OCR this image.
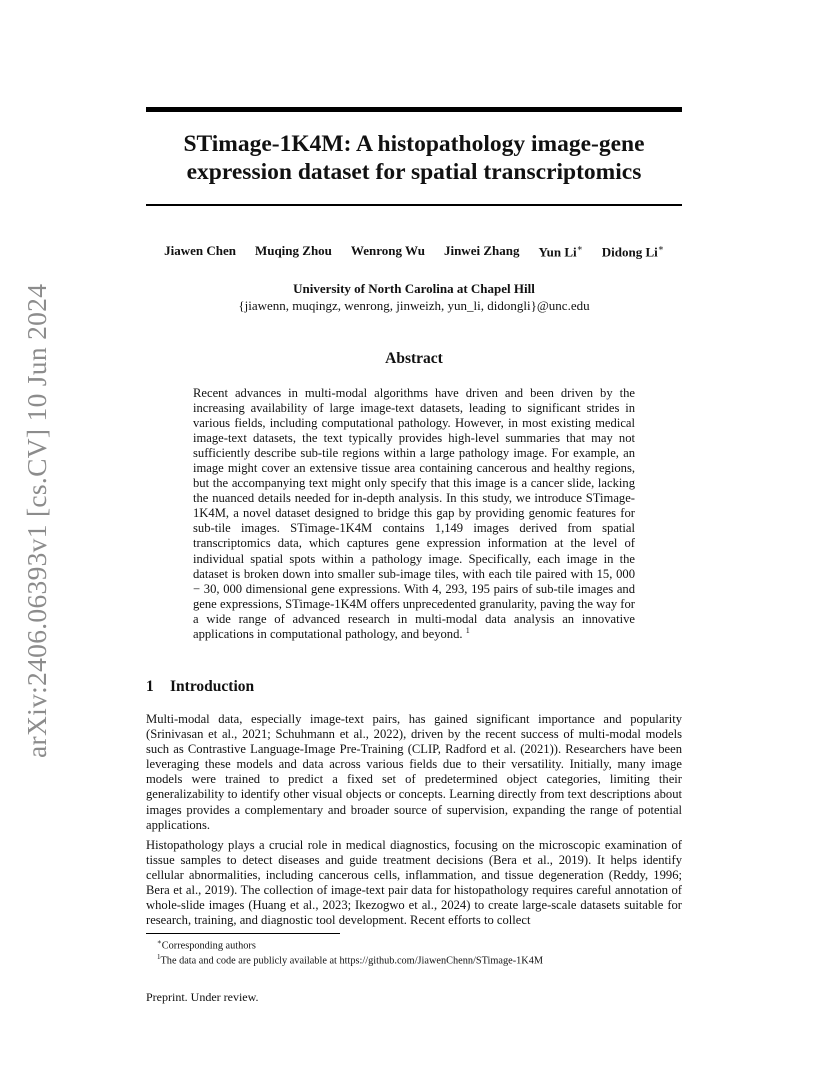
arXiv:2406.06393v1 [cs.CV] 10 Jun 2024
STimage-1K4M: A histopathology image-gene
expression dataset for spatial transcriptomics
Jiawen Chen Muqing Zhou Wenrong Wu Jinwei Zhang Yun Li∗ Didong Li∗
University of North Carolina at Chapel Hill
{jiawenn, muqingz, wenrong, jinweizh, yun_li, didongli}@unc.edu
Abstract

Recent advances in multi-modal algorithms have driven and been driven by the increasing availability of large image-text datasets, leading to significant strides in various fields, including computational pathology. However, in most existing medical image-text datasets, the text typically provides high-level summaries that may not sufficiently describe sub-tile regions within a large pathology image. For example, an image might cover an extensive tissue area containing cancerous and healthy regions, but the accompanying text might only specify that this image is a cancer slide, lacking the nuanced details needed for in-depth analysis. In this study, we introduce STimage-1K4M, a novel dataset designed to bridge this gap by providing genomic features for sub-tile images. STimage-1K4M contains 1,149 images derived from spatial transcriptomics data, which captures gene expression information at the level of individual spatial spots within a pathology image. Specifically, each image in the dataset is broken down into smaller sub-image tiles, with each tile paired with 15, 000 − 30, 000 dimensional gene expressions. With 4, 293, 195 pairs of sub-tile images and gene expressions, STimage-1K4M offers unprecedented granularity, paving the way for a wide range of advanced research in multi-modal data analysis an innovative applications in computational pathology, and beyond. $^1$

1 Introduction

Multi-modal data, especially image-text pairs, has gained significant importance and popularity (Srinivasan et al., 2021; Schuhmann et al., 2022), driven by the recent success of multi-modal models such as Contrastive Language-Image Pre-Training (CLIP, Radford et al. (2021)). Researchers have been leveraging these models and data across various fields due to their versatility. Initially, many image models were trained to predict a fixed set of predetermined object categories, limiting their generalizability to identify other visual objects or concepts. Learning directly from text descriptions about images provides a complementary and broader source of supervision, expanding the range of potential applications.

Histopathology plays a crucial role in medical diagnostics, focusing on the microscopic examination of tissue samples to detect diseases and guide treatment decisions (Bera et al., 2019). It helps identify cellular abnormalities, including cancerous cells, inflammation, and tissue degeneration (Reddy, 1996; Bera et al., 2019). The collection of image-text pair data for histopathology requires careful annotation of whole-slide images (Huang et al., 2023; Ikezogwo et al., 2024) to create large-scale datasets suitable for research, training, and diagnostic tool development. Recent efforts to collect

∗Corresponding authors
$^1$The data and code are publicly available at https://github.com/JiawenChenn/STimage-1K4M
Preprint. Under review.
